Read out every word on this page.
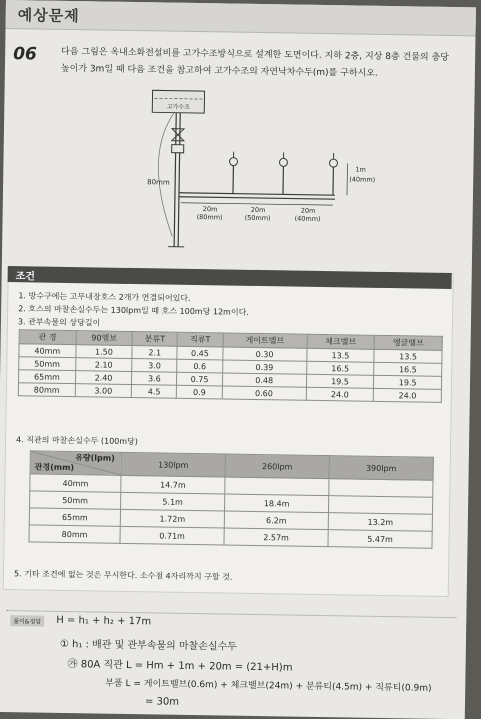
예상문제
06	다음 그림은 옥내소화전설비를 고가수조방식으로 설계한 도면이다. 지하 2층, 지상 8층 건물의 층당 높이가 3m일 때 다음 조건을 참고하여 고가수조의 자연낙차수두(m)를 구하시오.
고가수조
80mm
1m
(40mm)
20m
(80mm)
20m
(50mm)
20m
(40mm)
조건
1. 방수구에는 고무내장호스 2개가 연결되어있다.
2. 호스의 마찰손실수두는 130lpm일 때 호스 100m당 12m이다.
3. 관부속물의 상당길이
관 경	90엘보	분류T	직류T	게이트밸브	체크밸브	앵글밸브
40mm	1.50	2.1	0.45	0.30	13.5	13.5
50mm	2.10	3.0	0.6	0.39	16.5	16.5
65mm	2.40	3.6	0.75	0.48	19.5	19.5
80mm	3.00	4.5	0.9	0.60	24.0	24.0
4. 직관의 마찰손실수두 (100m당)
유량(lpm)
관경(mm)	130lpm	260lpm	390lpm
40mm	14.7m		
50mm	5.1m	18.4m	
65mm	1.72m	6.2m	13.2m
80mm	0.71m	2.57m	5.47m
5. 기타 조건에 없는 것은 무시한다. 소수점 4자리까지 구할 것.
풀이&정답	H = h₁ + h₂ + 17m
① h₁ : 배관 및 관부속물의 마찰손실수두
㉮ 80A 직관 L = Hm + 1m + 20m = (21+H)m
부품 L = 게이트밸브(0.6m) + 체크밸브(24m) + 분류티(4.5m) + 직류티(0.9m)
= 30m
